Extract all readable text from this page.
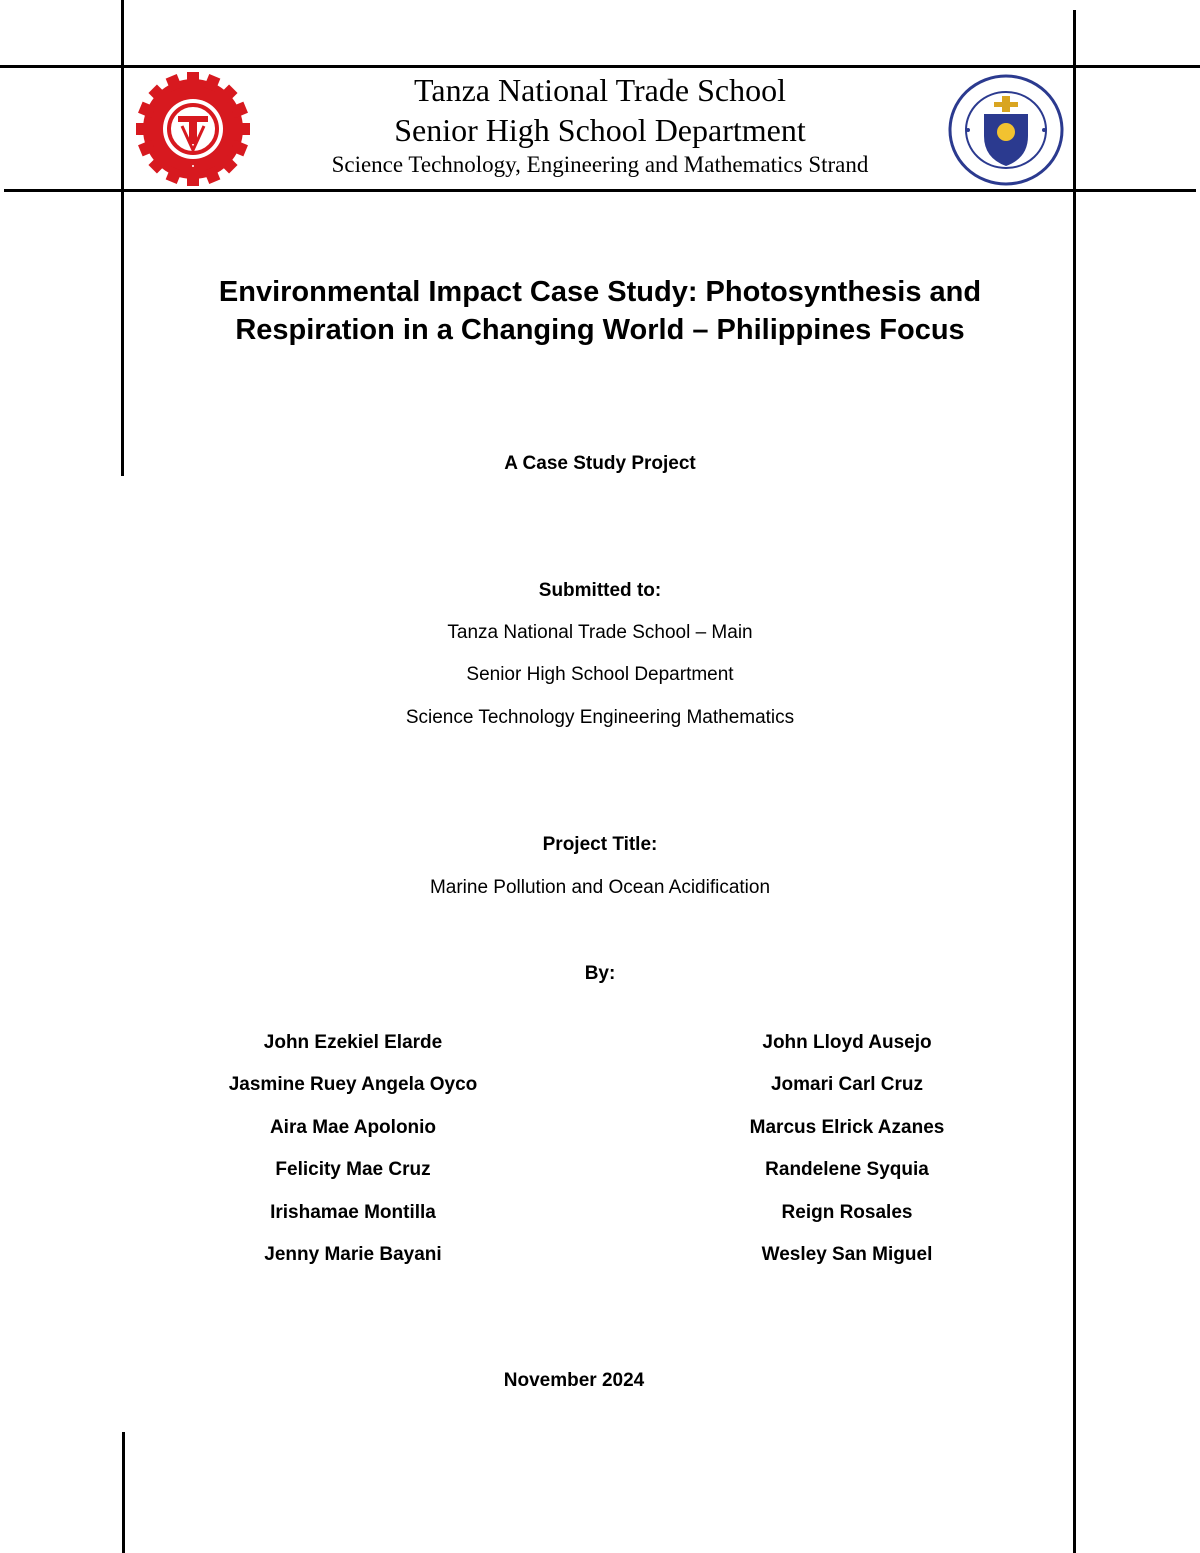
Tanza National Trade School
Senior High School Department
Science Technology, Engineering and Mathematics Strand
Environmental Impact Case Study: Photosynthesis and
Respiration in a Changing World – Philippines Focus
A Case Study Project
Submitted to:
Tanza National Trade School – Main
Senior High School Department
Science Technology Engineering Mathematics
Project Title:
Marine Pollution and Ocean Acidification
By:
John Ezekiel Elarde
Jasmine Ruey Angela Oyco
Aira Mae Apolonio
Felicity Mae Cruz
Irishamae Montilla
Jenny Marie Bayani
John Lloyd Ausejo
Jomari Carl Cruz
Marcus Elrick Azanes
Randelene Syquia
Reign Rosales
Wesley San Miguel
November 2024
